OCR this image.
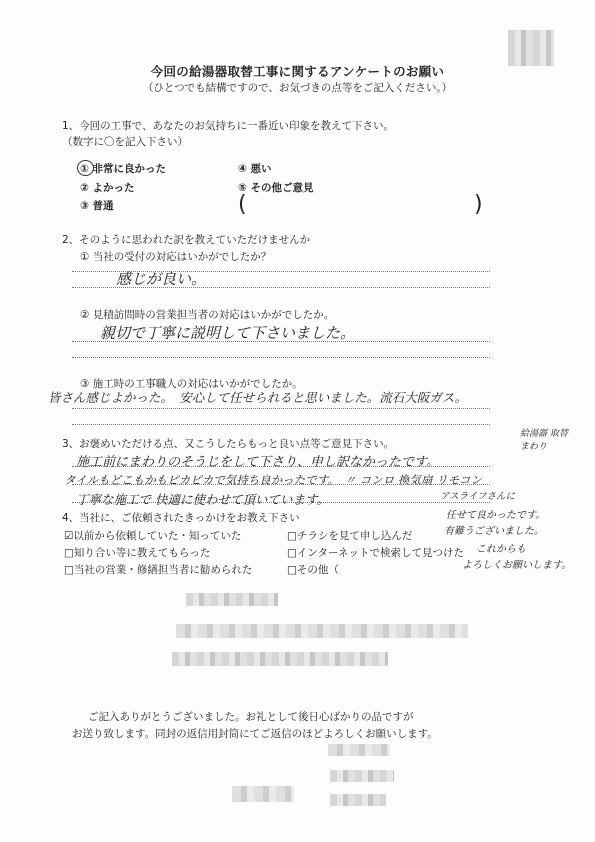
今回の給湯器取替工事に関するアンケートのお願い
（ひとつでも結構ですので、お気づきの点等をご記入ください。）
1、今回の工事で、あなたのお気持ちに一番近い印象を教えて下さい。
（数字に〇を記入下さい）
① 非常に良かった
② よかった
③ 普通
④ 悪い
⑤ その他ご意見
(	)
2、そのように思われた訳を教えていただけませんか
① 当社の受付の対応はいかがでしたか？
感じが良い。
② 見積訪問時の営業担当者の対応はいかがでしたか。
親切で丁寧に説明して下さいました。
③ 施工時の工事職人の対応はいかがでしたか。
皆さん感じよかった。　安心して任せられると思いました。流石大阪ガス。
3、お褒めいただける点、又こうしたらもっと良い点等ご意見下さい。
給湯器 取替 まわり
施工前にまわりのそうじをして下さり、申し訳なかったです。
タイルもどこもかもピカピカで気持ち良かったです。　〃 コンロ 換気扇 リモコン
丁寧な施工で 快適に使わせて頂いています。	アスライフさんに
任せて良かったです。
有難うございました。
これからも
よろしくお願いします。
4、当社に、ご依頼されたきっかけをお教え下さい
☑以前から依頼していた・知っていた
□知り合い等に教えてもらった
□当社の営業・修繕担当者に勧められた
□チラシを見て申し込んだ
□インターネットで検索して見つけた
□その他（
ご記入ありがとうございました。お礼として後日心ばかりの品ですが
お送り致します。同封の返信用封筒にてご返信のほどよろしくお願いします。
